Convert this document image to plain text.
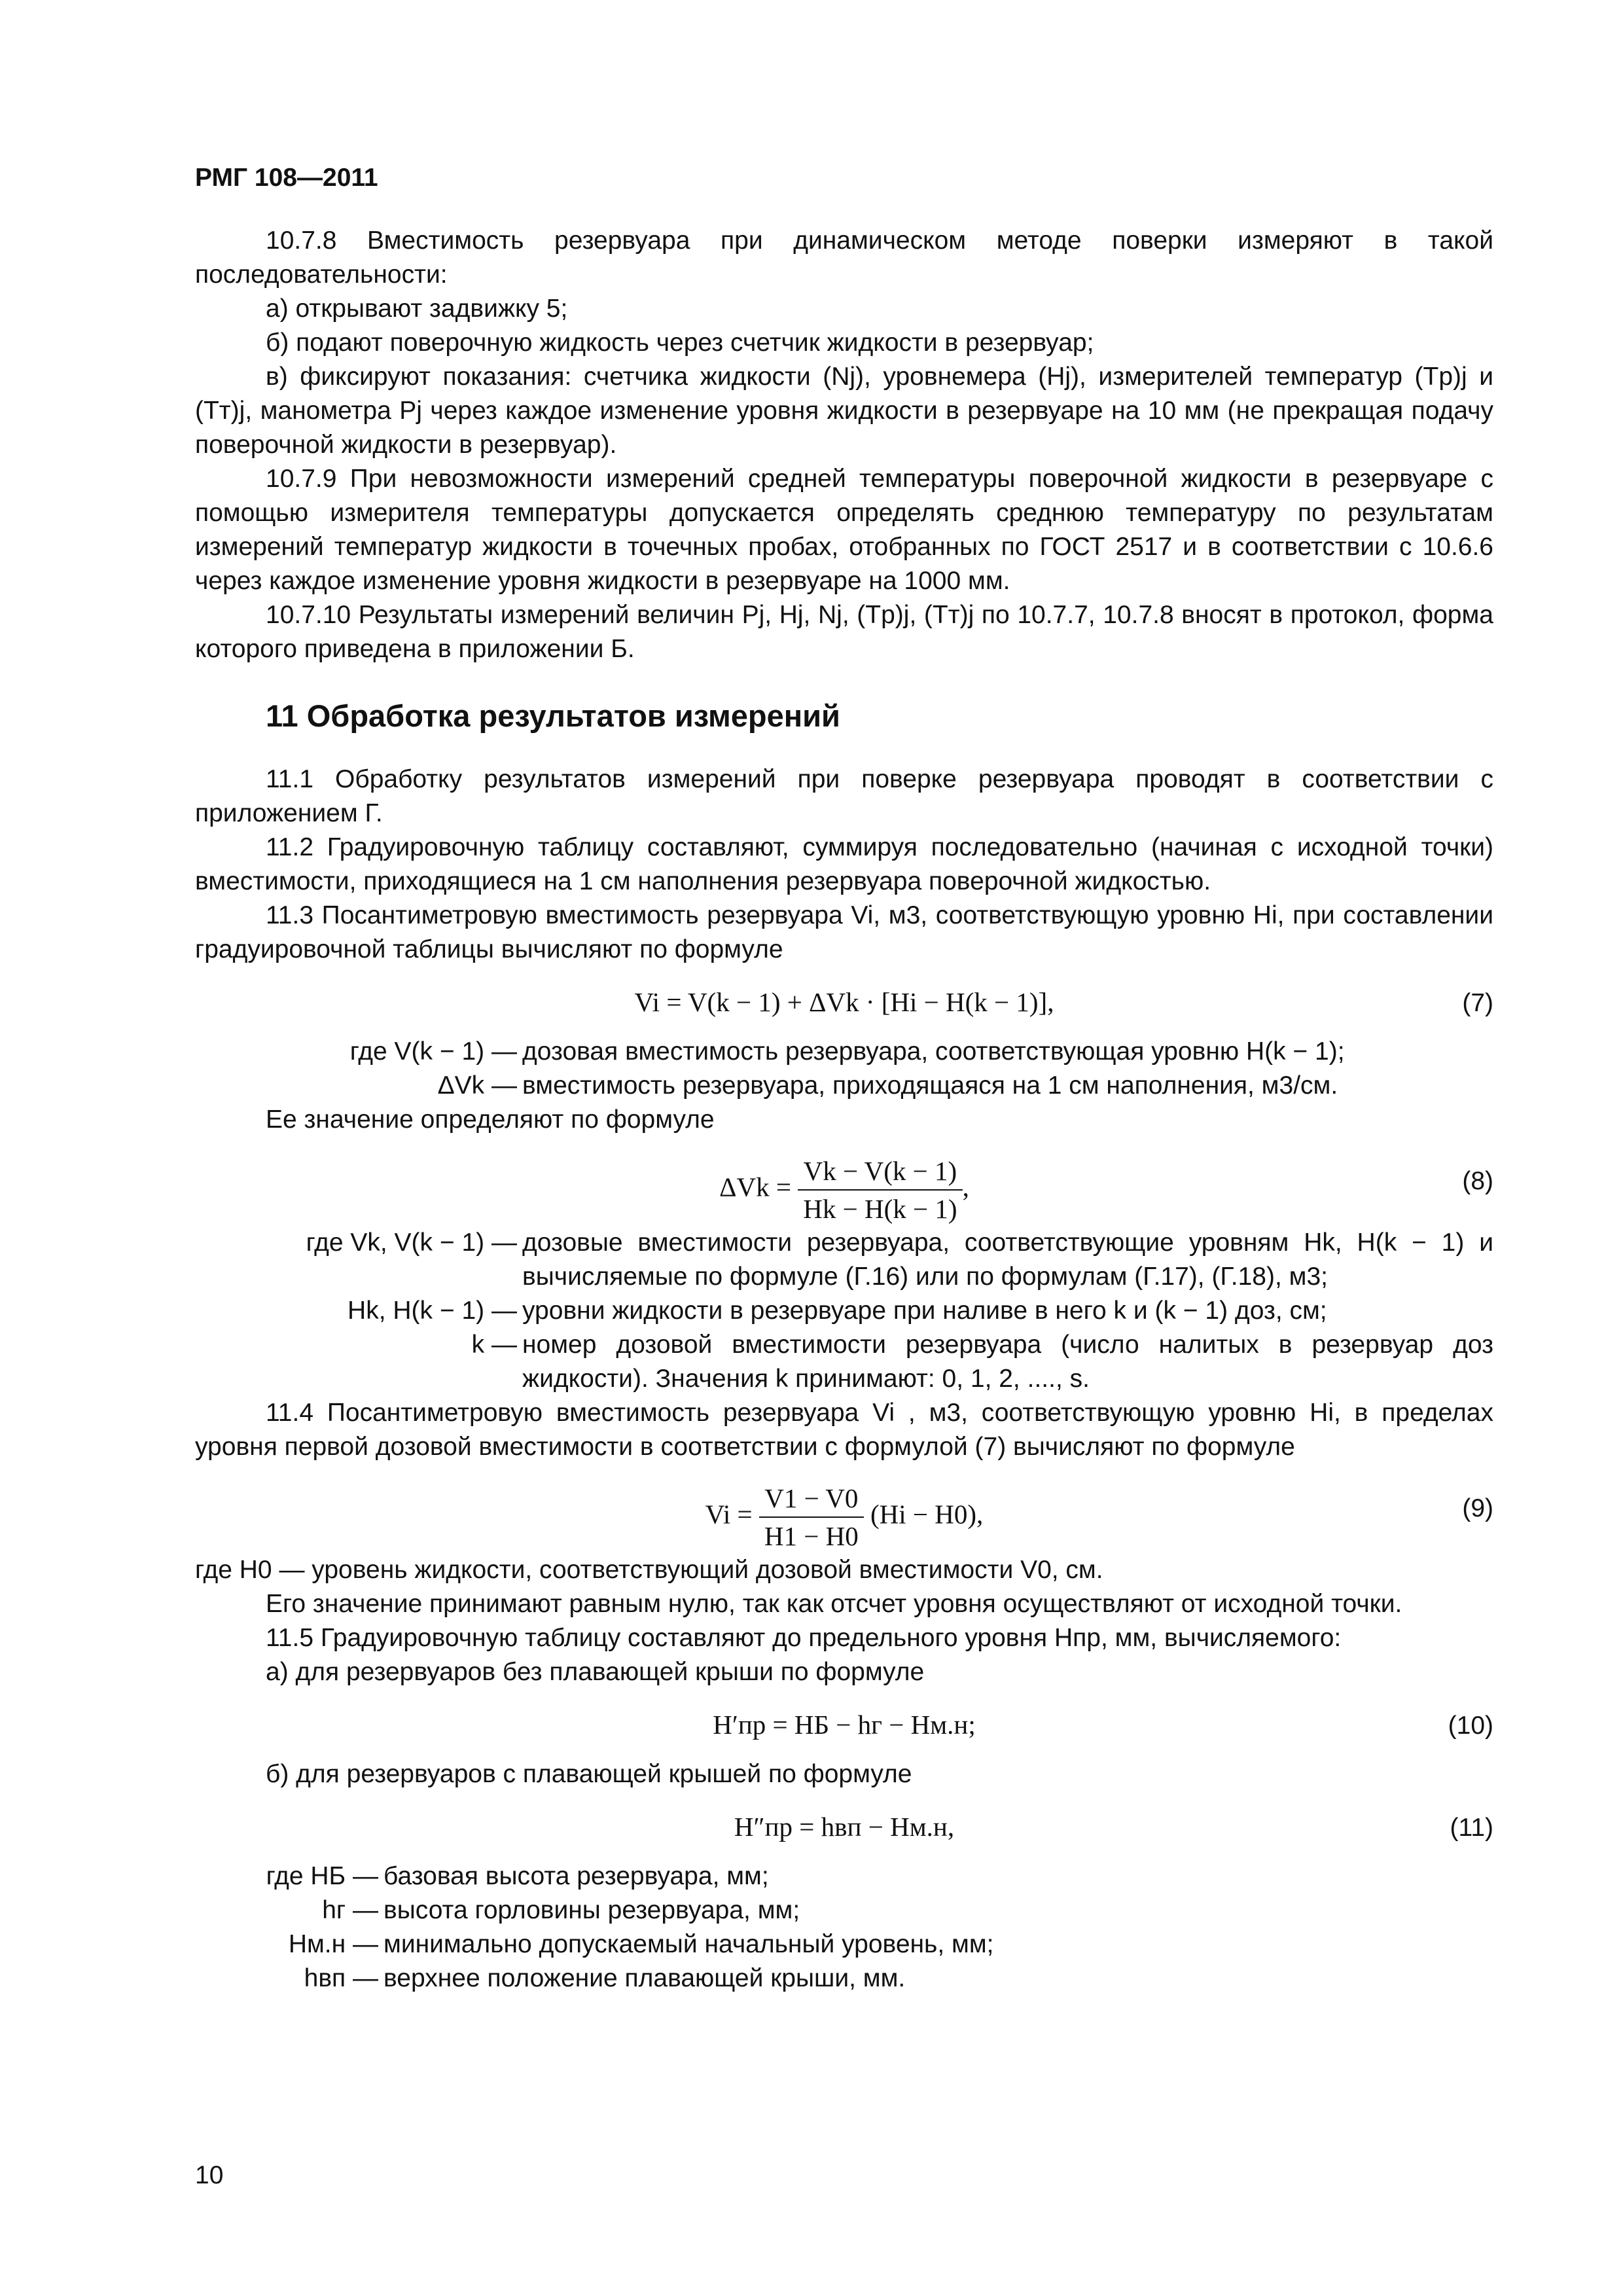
РМГ 108—2011

10.7.8 Вместимость резервуара при динамическом методе поверки измеряют в такой последовательности:

а) открывают задвижку 5;

б) подают поверочную жидкость через счетчик жидкости в резервуар;

в) фиксируют показания: счетчика жидкости (Nj), уровнемера (Hj), измерителей температур (Tр)j и (Tт)j, манометра Pj через каждое изменение уровня жидкости в резервуаре на 10 мм (не прекращая подачу поверочной жидкости в резервуар).

10.7.9 При невозможности измерений средней температуры поверочной жидкости в резервуаре с помощью измерителя температуры допускается определять среднюю температуру по результатам измерений температур жидкости в точечных пробах, отобранных по ГОСТ 2517 и в соответствии с 10.6.6 через каждое изменение уровня жидкости в резервуаре на 1000 мм.

10.7.10 Результаты измерений величин Pj, Hj, Nj, (Tр)j, (Tт)j по 10.7.7, 10.7.8 вносят в протокол, форма которого приведена в приложении Б.

11 Обработка результатов измерений

11.1 Обработку результатов измерений при поверке резервуара проводят в соответствии с приложением Г.

11.2 Градуировочную таблицу составляют, суммируя последовательно (начиная с исходной точки) вместимости, приходящиеся на 1 см наполнения резервуара поверочной жидкостью.

11.3 Посантиметровую вместимость резервуара Vi, м3, соответствующую уровню Hi, при составлении градуировочной таблицы вычисляют по формуле

Vi = V(k − 1) + ΔVk · [Hi − H(k − 1)],	(7)
где V(k − 1) — дозовая вместимость резервуара, соответствующая уровню H(k − 1);
ΔVk — вместимость резервуара, приходящаяся на 1 см наполнения, м3/см.

Ее значение определяют по формуле

$\Delta Vk = \frac{Vk - V(k - 1)}{Hk - H(k - 1)}$ ,	(8)
где Vk, V(k − 1) — дозовые вместимости резервуара, соответствующие уровням Hk, H(k − 1) и вычисляемые по формуле (Г.16) или по формулам (Г.17), (Г.18), м3;
Hk, H(k − 1) — уровни жидкости в резервуаре при наливе в него k и (k − 1) доз, см;
k — номер дозовой вместимости резервуара (число налитых в резервуар доз жидкости). Значения k принимают: 0, 1, 2, ...., s.

11.4 Посантиметровую вместимость резервуара Vi , м3, соответствующую уровню Hi, в пределах уровня первой дозовой вместимости в соответствии с формулой (7) вычисляют по формуле

$Vi = \frac{V1 - V0}{H1 - H0} (Hi - H0)$,	(9)

где H0 — уровень жидкости, соответствующий дозовой вместимости V0, см.

Его значение принимают равным нулю, так как отсчет уровня осуществляют от исходной точки.

11.5 Градуировочную таблицу составляют до предельного уровня Hпр, мм, вычисляемого:

а) для резервуаров без плавающей крыши по формуле

H′пр = HБ − hг − Hм.н;	(10)

б) для резервуаров с плавающей крышей по формуле

H″пр = hвп − Hм.н,	(11)
где HБ — базовая высота резервуара, мм;
hг — высота горловины резервуара, мм;
Hм.н — минимально допускаемый начальный уровень, мм;
hвп — верхнее положение плавающей крыши, мм.
10
